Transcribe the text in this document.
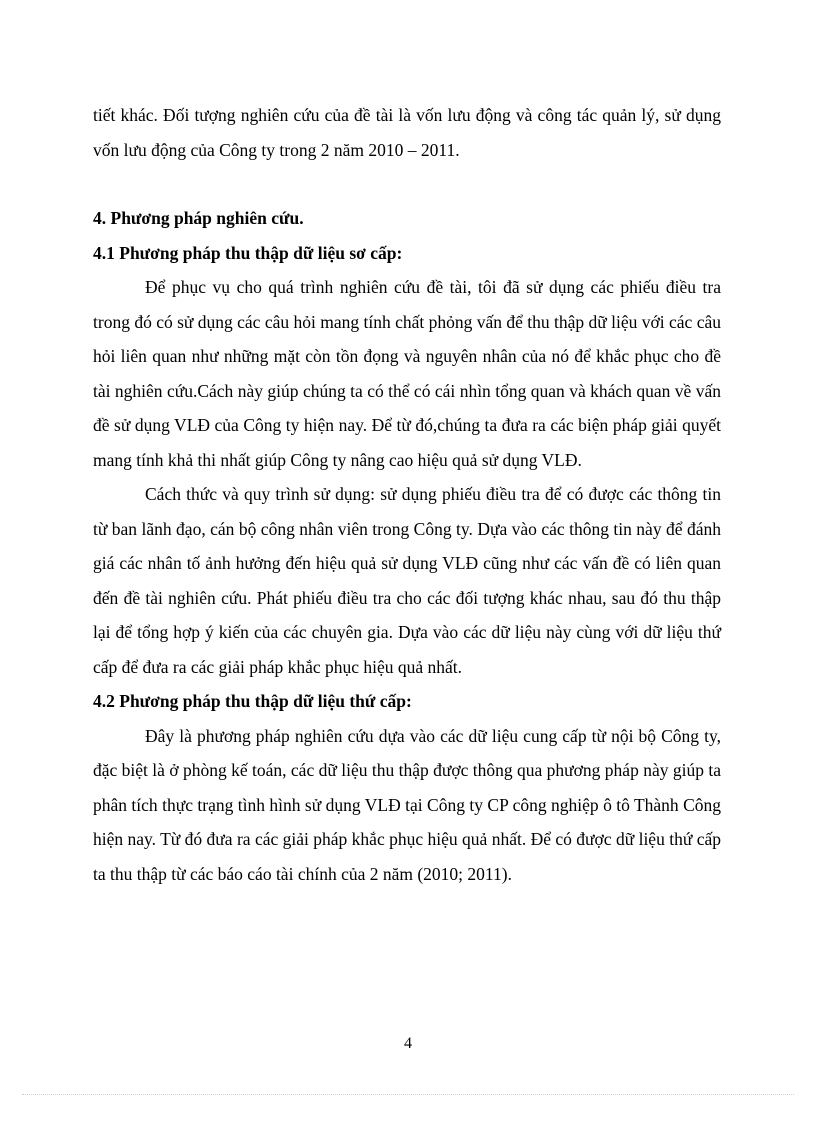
tiết khác. Đối tượng nghiên cứu của đề tài là vốn lưu động và công tác quản lý, sử dụng vốn lưu động của Công ty trong 2 năm 2010 – 2011.

4. Phương pháp nghiên cứu.

4.1 Phương pháp thu thập dữ liệu sơ cấp:

Để phục vụ cho quá trình nghiên cứu đề tài, tôi đã sử dụng các phiếu điều tra trong đó có sử dụng các câu hỏi mang tính chất phỏng vấn để thu thập dữ liệu với các câu hỏi liên quan như những mặt còn tồn đọng và nguyên nhân của nó để khắc phục cho đề tài nghiên cứu.Cách này giúp chúng ta có thể có cái nhìn tổng quan và khách quan về vấn đề sử dụng VLĐ của Công ty hiện nay. Để từ đó,chúng ta đưa ra các biện pháp giải quyết mang tính khả thi nhất giúp Công ty nâng cao hiệu quả sử dụng VLĐ.

Cách thức và quy trình sử dụng: sử dụng phiếu điều tra để có được các thông tin từ ban lãnh đạo, cán bộ công nhân viên trong Công ty. Dựa vào các thông tin này để đánh giá các nhân tố ảnh hưởng đến hiệu quả sử dụng VLĐ cũng như các vấn đề có liên quan đến đề tài nghiên cứu. Phát phiếu điều tra cho các đối tượng khác nhau, sau đó thu thập lại để tổng hợp ý kiến của các chuyên gia. Dựa vào các dữ liệu này cùng với dữ liệu thứ cấp để đưa ra các giải pháp khắc phục hiệu quả nhất.

4.2 Phương pháp thu thập dữ liệu thứ cấp:

Đây là phương pháp nghiên cứu dựa vào các dữ liệu cung cấp từ nội bộ Công ty, đặc biệt là ở phòng kế toán, các dữ liệu thu thập được thông qua phương pháp này giúp ta phân tích thực trạng tình hình sử dụng VLĐ tại Công ty CP công nghiệp ô tô Thành Công hiện nay. Từ đó đưa ra các giải pháp khắc phục hiệu quả nhất. Để có được dữ liệu thứ cấp ta thu thập từ các báo cáo tài chính của 2 năm (2010; 2011).

4
